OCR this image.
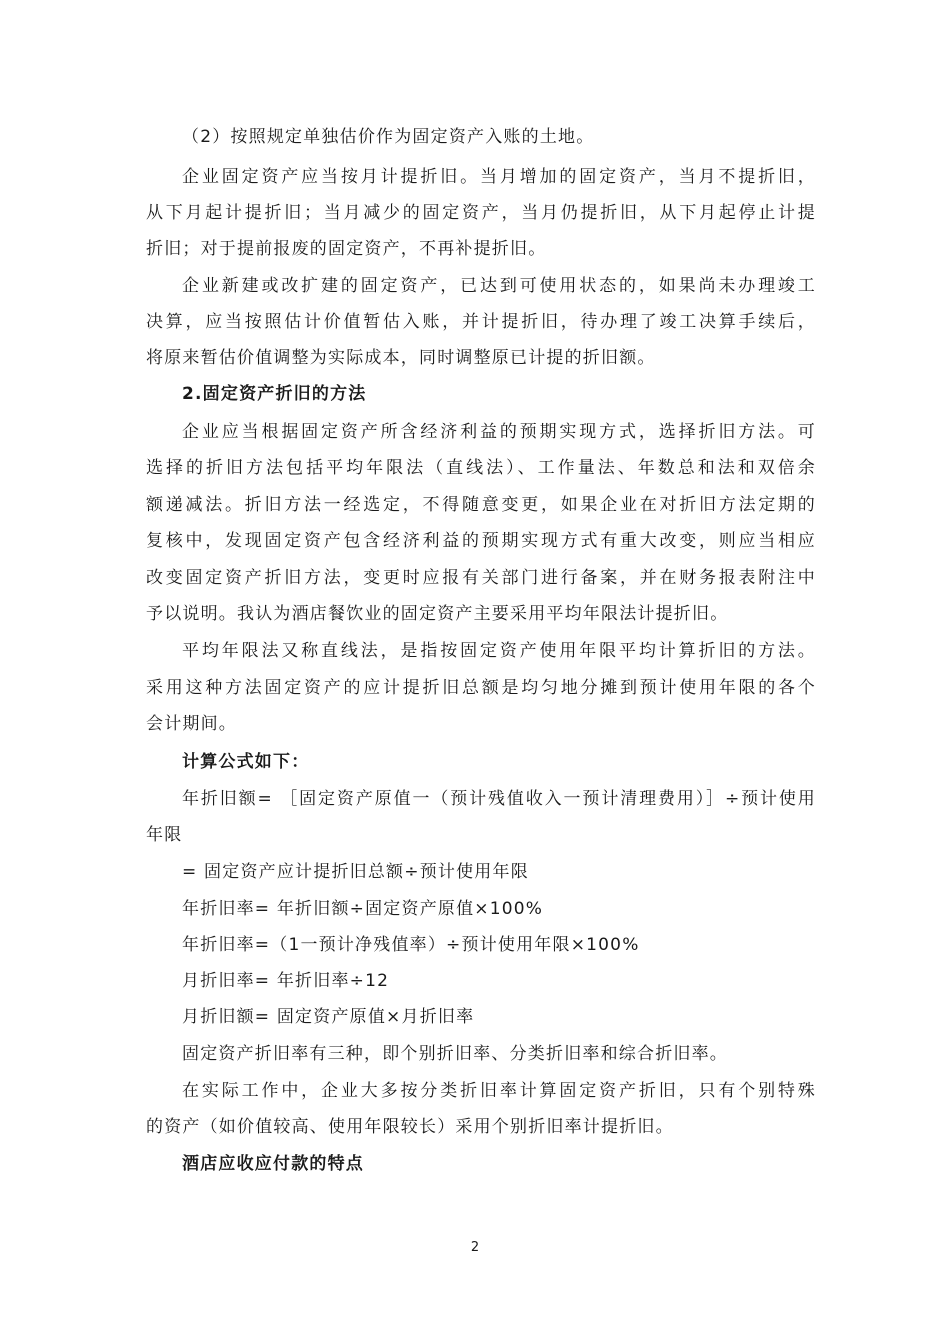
（2）按照规定单独估价作为固定资产入账的土地。
企业固定资产应当按月计提折旧。当月增加的固定资产，当月不提折旧，
从下月起计提折旧；当月减少的固定资产，当月仍提折旧，从下月起停止计提
折旧；对于提前报废的固定资产，不再补提折旧。
企业新建或改扩建的固定资产，已达到可使用状态的，如果尚未办理竣工
决算，应当按照估计价值暂估入账，并计提折旧，待办理了竣工决算手续后，
将原来暂估价值调整为实际成本，同时调整原已计提的折旧额。
2.固定资产折旧的方法
企业应当根据固定资产所含经济利益的预期实现方式，选择折旧方法。可
选择的折旧方法包括平均年限法（直线法）、工作量法、年数总和法和双倍余
额递减法。折旧方法一经选定，不得随意变更，如果企业在对折旧方法定期的
复核中，发现固定资产包含经济利益的预期实现方式有重大改变，则应当相应
改变固定资产折旧方法，变更时应报有关部门进行备案，并在财务报表附注中
予以说明。我认为酒店餐饮业的固定资产主要采用平均年限法计提折旧。
平均年限法又称直线法，是指按固定资产使用年限平均计算折旧的方法。
采用这种方法固定资产的应计提折旧总额是均匀地分摊到预计使用年限的各个
会计期间。
计算公式如下：
年折旧额= ［固定资产原值一（预计残值收入一预计清理费用）］÷预计使用
年限
= 固定资产应计提折旧总额÷预计使用年限
年折旧率= 年折旧额÷固定资产原值×100%
年折旧率=（1一预计净残值率）÷预计使用年限×100%
月折旧率= 年折旧率÷12
月折旧额= 固定资产原值×月折旧率
固定资产折旧率有三种，即个别折旧率、分类折旧率和综合折旧率。
在实际工作中，企业大多按分类折旧率计算固定资产折旧，只有个别特殊
的资产（如价值较高、使用年限较长）采用个别折旧率计提折旧。
酒店应收应付款的特点
2
